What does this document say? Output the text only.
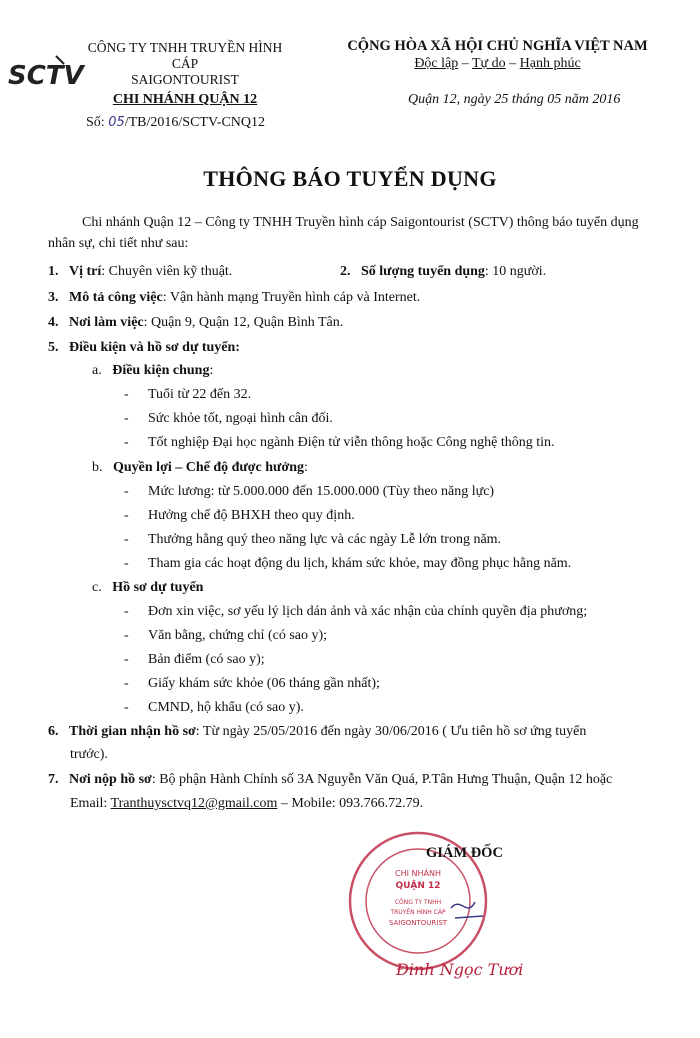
SCTV
CÔNG TY TNHH TRUYỀN HÌNH CÁP
SAIGONTOURIST
CHI NHÁNH QUẬN 12
CỘNG HÒA XÃ HỘI CHỦ NGHĨA VIỆT NAM
Độc lập – Tự do – Hạnh phúc
Quận 12, ngày 25 tháng 05 năm 2016
Số: 05/TB/2016/SCTV-CNQ12
THÔNG BÁO TUYỂN DỤNG
Chi nhánh Quận 12 – Công ty TNHH Truyền hình cáp Saigontourist (SCTV) thông báo tuyển dụng nhân sự, chi tiết như sau:
1. Vị trí: Chuyên viên kỹ thuật.	2. Số lượng tuyển dụng: 10 người.
3. Mô tả công việc: Vận hành mạng Truyền hình cáp và Internet.
4. Nơi làm việc: Quận 9, Quận 12, Quận Bình Tân.
5. Điều kiện và hồ sơ dự tuyển:
a. Điều kiện chung:
- Tuổi từ 22 đến 32.
- Sức khỏe tốt, ngoại hình cân đối.
- Tốt nghiệp Đại học ngành Điện tử viễn thông hoặc Công nghệ thông tin.
b. Quyền lợi – Chế độ được hưởng:
- Mức lương: từ 5.000.000 đến 15.000.000 (Tùy theo năng lực)
- Hưởng chế độ BHXH theo quy định.
- Thưởng hằng quý theo năng lực và các ngày Lễ lớn trong năm.
- Tham gia các hoạt động du lịch, khám sức khỏe, may đồng phục hằng năm.
c. Hồ sơ dự tuyển
- Đơn xin việc, sơ yếu lý lịch dán ảnh và xác nhận của chính quyền địa phương;
- Văn bằng, chứng chỉ (có sao y);
- Bản điểm (có sao y);
- Giấy khám sức khỏe (06 tháng gần nhất);
- CMND, hộ khẩu (có sao y).
6. Thời gian nhận hồ sơ: Từ ngày 25/05/2016 đến ngày 30/06/2016 ( Ưu tiên hồ sơ ứng tuyển
trước).
7. Nơi nộp hồ sơ: Bộ phận Hành Chính số 3A Nguyễn Văn Quá, P.Tân Hưng Thuận, Quận 12 hoặc
Email: Tranthuysctvq12@gmail.com – Mobile: 093.766.72.79.
CHI NHÁNH
QUẬN 12
CÔNG TY TNHH
TRUYỀN HÌNH CÁP
SAIGONTOURIST
GIÁM ĐỐC
Đinh Ngọc Tươi
